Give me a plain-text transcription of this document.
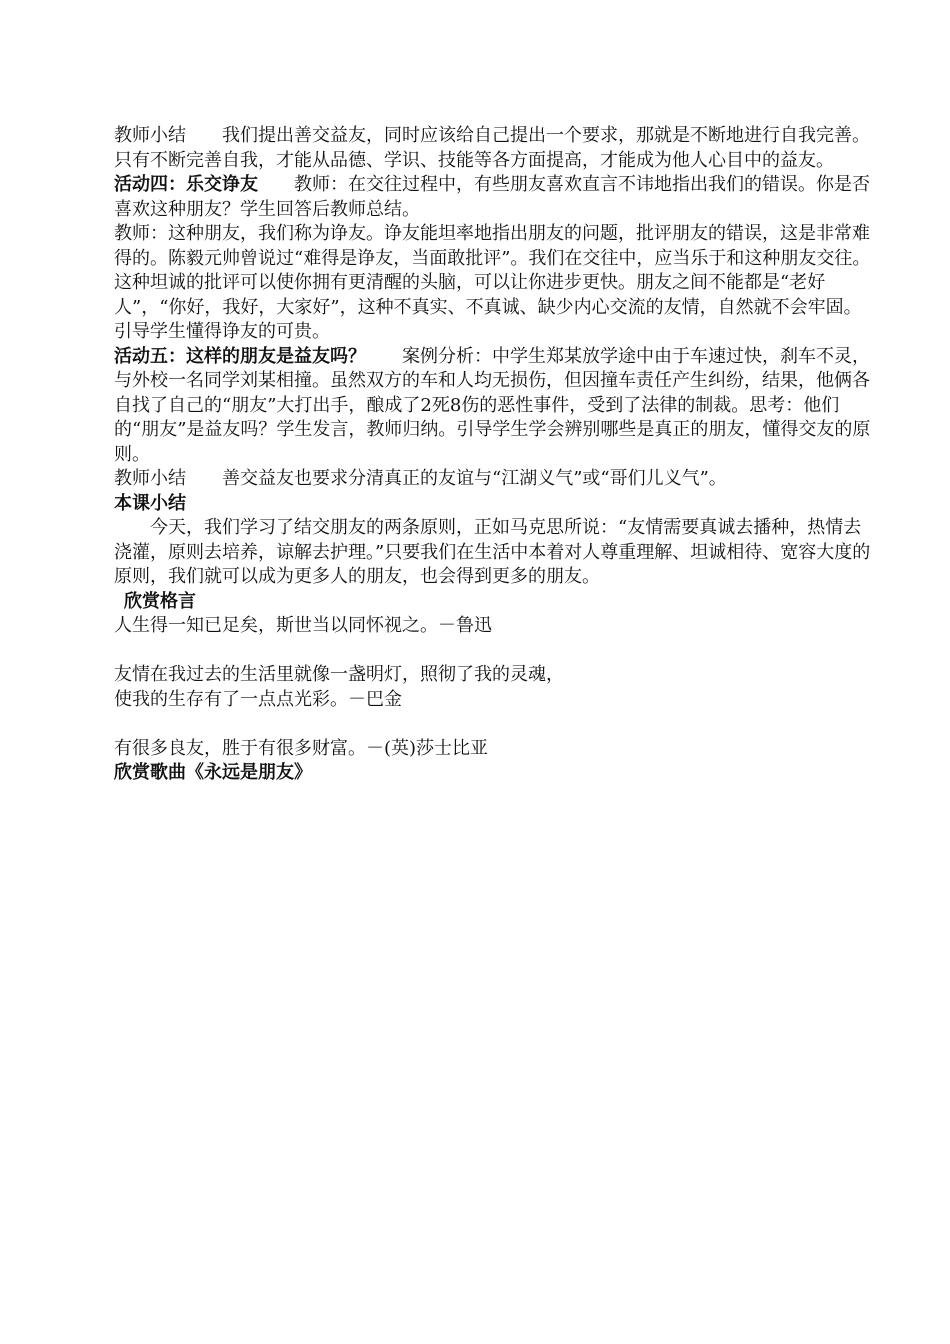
教师小结　　我们提出善交益友，同时应该给自己提出一个要求，那就是不断地进行自我完善。只有不断完善自我，才能从品德、学识、技能等各方面提高，才能成为他人心目中的益友。

活动四：乐交诤友　　教师：在交往过程中，有些朋友喜欢直言不讳地指出我们的错误。你是否喜欢这种朋友？学生回答后教师总结。

教师：这种朋友，我们称为诤友。诤友能坦率地指出朋友的问题，批评朋友的错误，这是非常难得的。陈毅元帅曾说过“难得是诤友，当面敢批评”。我们在交往中，应当乐于和这种朋友交往。这种坦诚的批评可以使你拥有更清醒的头脑，可以让你进步更快。朋友之间不能都是“老好人”，“你好，我好，大家好”，这种不真实、不真诚、缺少内心交流的友情，自然就不会牢固。引导学生懂得诤友的可贵。

活动五：这样的朋友是益友吗？　　案例分析：中学生郑某放学途中由于车速过快，刹车不灵，与外校一名同学刘某相撞。虽然双方的车和人均无损伤，但因撞车责任产生纠纷，结果，他俩各自找了自己的“朋友”大打出手，酿成了2死8伤的恶性事件，受到了法律的制裁。思考：他们的“朋友”是益友吗？学生发言，教师归纳。引导学生学会辨别哪些是真正的朋友，懂得交友的原则。

教师小结　　善交益友也要求分清真正的友谊与“江湖义气”或“哥们儿义气”。

本课小结

今天，我们学习了结交朋友的两条原则，正如马克思所说：“友情需要真诚去播种，热情去浇灌，原则去培养，谅解去护理。”只要我们在生活中本着对人尊重理解、坦诚相待、宽容大度的原则，我们就可以成为更多人的朋友，也会得到更多的朋友。

欣赏格言

人生得一知已足矣，斯世当以同怀视之。－鲁迅

友情在我过去的生活里就像一盏明灯，照彻了我的灵魂，

使我的生存有了一点点光彩。－巴金

有很多良友，胜于有很多财富。－(英)莎士比亚

欣赏歌曲《永远是朋友》
